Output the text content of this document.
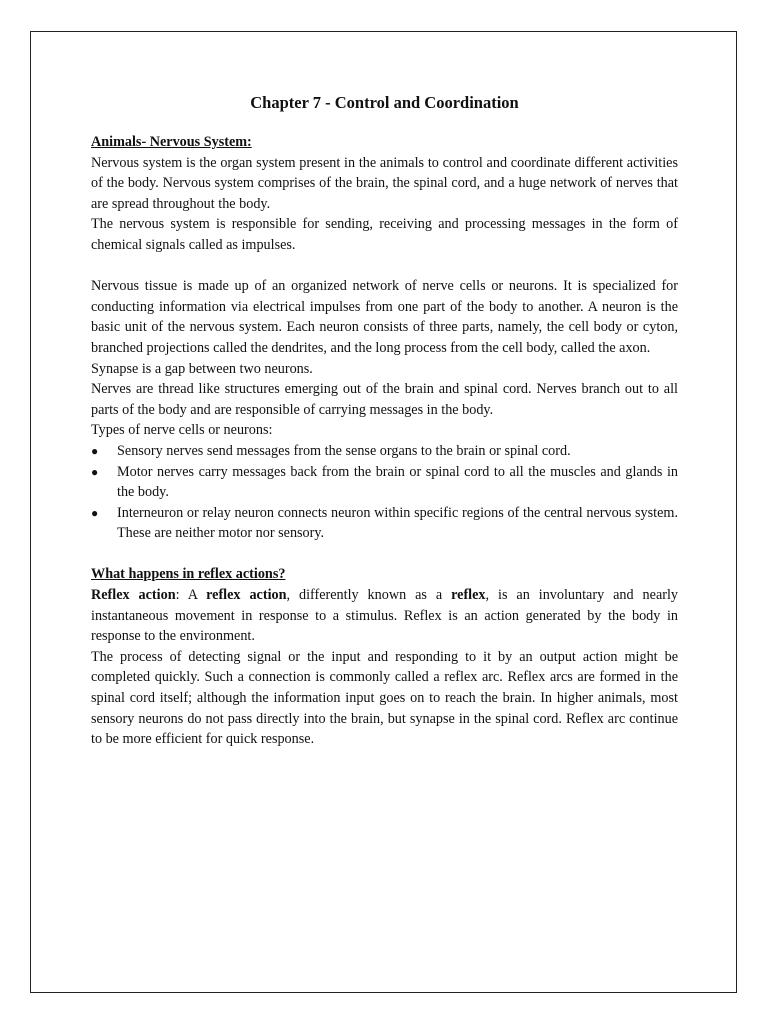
Chapter 7 - Control and Coordination
Animals- Nervous System:

Nervous system is the organ system present in the animals to control and coordinate different activities of the body. Nervous system comprises of the brain, the spinal cord, and a huge network of nerves that are spread throughout the body.

The nervous system is responsible for sending, receiving and processing messages in the form of chemical signals called as impulses.

Nervous tissue is made up of an organized network of nerve cells or neurons. It is specialized for conducting information via electrical impulses from one part of the body to another. A neuron is the basic unit of the nervous system. Each neuron consists of three parts, namely, the cell body or cyton, branched projections called the dendrites, and the long process from the cell body, called the axon.

Synapse is a gap between two neurons.

Nerves are thread like structures emerging out of the brain and spinal cord. Nerves branch out to all parts of the body and are responsible of carrying messages in the body.

Types of nerve cells or neurons:

●	Sensory nerves send messages from the sense organs to the brain or spinal cord.
●	Motor nerves carry messages back from the brain or spinal cord to all the muscles and glands in the body.
●	Interneuron or relay neuron connects neuron within specific regions of the central nervous system. These are neither motor nor sensory.
What happens in reflex actions?

Reflex action: A reflex action, differently known as a reflex, is an involuntary and nearly instantaneous movement in response to a stimulus. Reflex is an action generated by the body in response to the environment.

The process of detecting signal or the input and responding to it by an output action might be completed quickly. Such a connection is commonly called a reflex arc. Reflex arcs are formed in the spinal cord itself; although the information input goes on to reach the brain. In higher animals, most sensory neurons do not pass directly into the brain, but synapse in the spinal cord. Reflex arc continue to be more efficient for quick response.
